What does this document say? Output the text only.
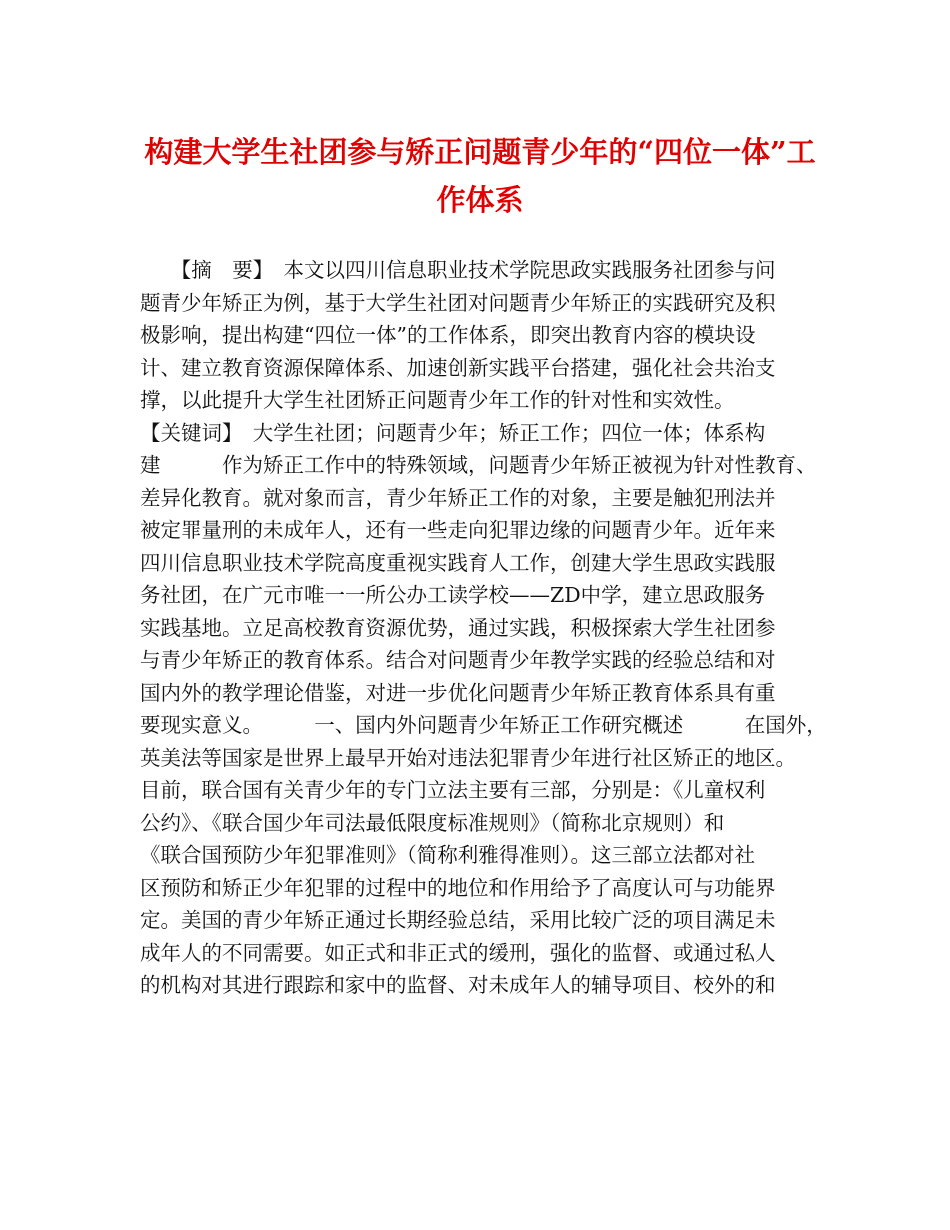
构建大学生社团参与矫正问题青少年的“四位一体”工
作体系
　　【摘　要】　本文以四川信息职业技术学院思政实践服务社团参与问
题青少年矫正为例，基于大学生社团对问题青少年矫正的实践研究及积
极影响，提出构建“四位一体”的工作体系，即突出教育内容的模块设
计、建立教育资源保障体系、加速创新实践平台搭建，强化社会共治支
撑，以此提升大学生社团矫正问题青少年工作的针对性和实效性。
【关键词】　大学生社团；问题青少年；矫正工作；四位一体；体系构
建　　　作为矫正工作中的特殊领域，问题青少年矫正被视为针对性教育、
差异化教育。就对象而言，青少年矫正工作的对象，主要是触犯刑法并
被定罪量刑的未成年人，还有一些走向犯罪边缘的问题青少年。近年来
四川信息职业技术学院高度重视实践育人工作，创建大学生思政实践服
务社团，在广元市唯一一所公办工读学校——ZD中学，建立思政服务
实践基地。立足高校教育资源优势，通过实践，积极探索大学生社团参
与青少年矫正的教育体系。结合对问题青少年教学实践的经验总结和对
国内外的教学理论借鉴，对进一步优化问题青少年矫正教育体系具有重
要现实意义。　　　一、国内外问题青少年矫正工作研究概述　　　在国外，
英美法等国家是世界上最早开始对违法犯罪青少年进行社区矫正的地区。
目前，联合国有关青少年的专门立法主要有三部，分别是：《儿童权利
公约》、《联合国少年司法最低限度标准规则》（简称北京规则）和
《联合国预防少年犯罪准则》（简称利雅得准则）。这三部立法都对社
区预防和矫正少年犯罪的过程中的地位和作用给予了高度认可与功能界
定。美国的青少年矫正通过长期经验总结，采用比较广泛的项目满足未
成年人的不同需要。如正式和非正式的缓刑，强化的监督、或通过私人
的机构对其进行跟踪和家中的监督、对未成年人的辅导项目、校外的和
